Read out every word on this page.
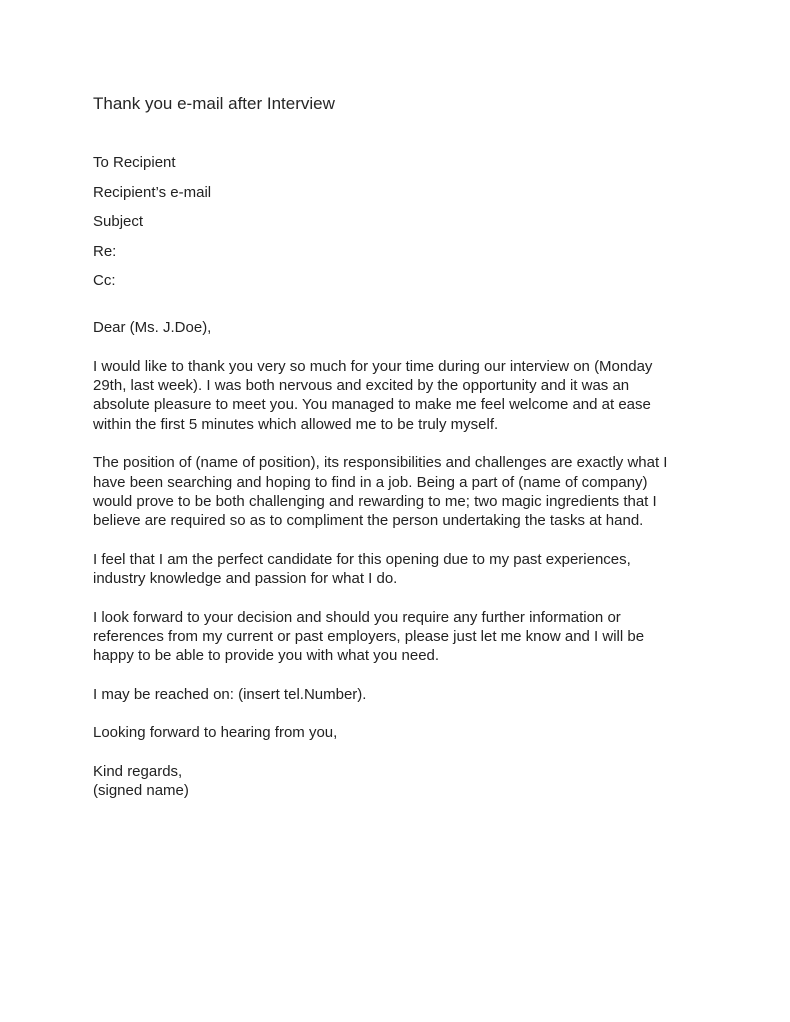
Thank you e-mail after Interview
To Recipient
Recipient’s e-mail
Subject
Re:
Cc:
Dear (Ms. J.Doe),

I would like to thank you very so much for your time during our interview on (Monday
29th, last week). I was both nervous and excited by the opportunity and it was an
absolute pleasure to meet you. You managed to make me feel welcome and at ease
within the first 5 minutes which allowed me to be truly myself.

The position of (name of position), its responsibilities and challenges are exactly what I
have been searching and hoping to find in a job. Being a part of (name of company)
would prove to be both challenging and rewarding to me; two magic ingredients that I
believe are required so as to compliment the person undertaking the tasks at hand.

I feel that I am the perfect candidate for this opening due to my past experiences,
industry knowledge and passion for what I do.

I look forward to your decision and should you require any further information or
references from my current or past employers, please just let me know and I will be
happy to be able to provide you with what you need.

I may be reached on: (insert tel.Number).

Looking forward to hearing from you,

Kind regards,
(signed name)
